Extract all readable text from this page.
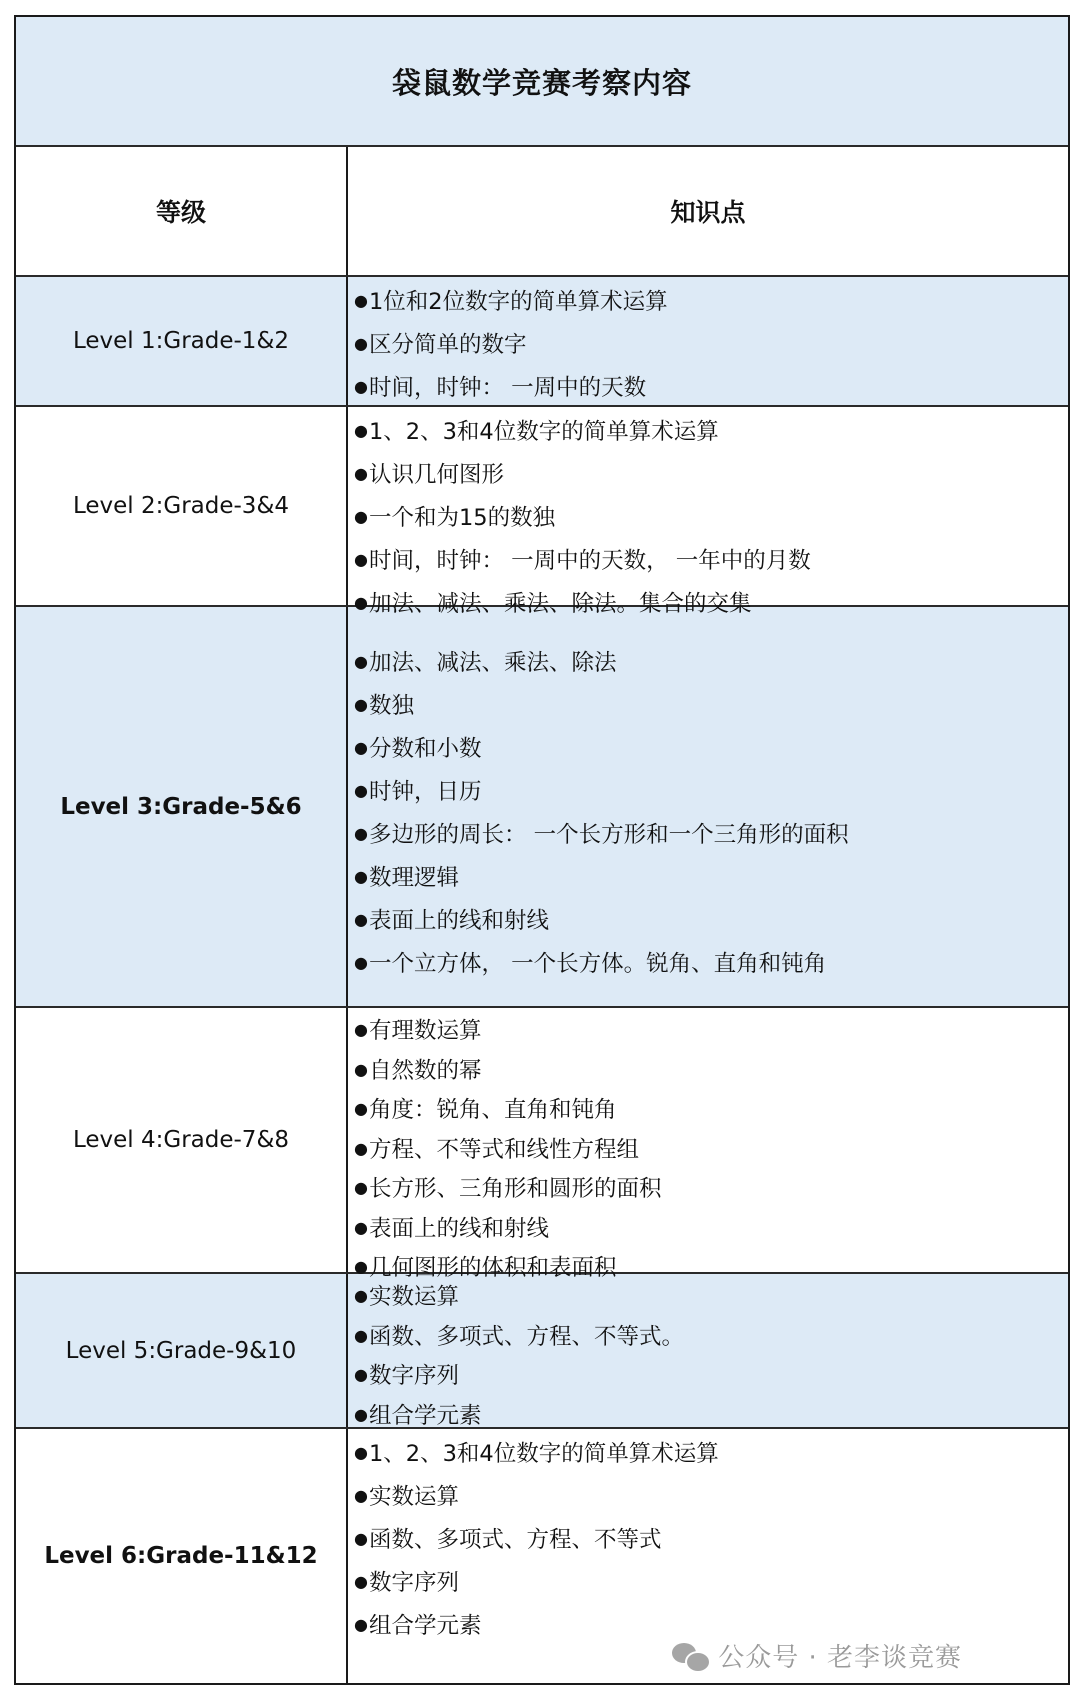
袋鼠数学竞赛考察内容
等级	知识点
Level 1:Grade-1&2
●1位和2位数字的简单算术运算
●区分简单的数字
●时间，时钟： 一周中的天数
Level 2:Grade-3&4
●1、2、3和4位数字的简单算术运算
●认识几何图形
●一个和为15的数独
●时间，时钟： 一周中的天数， 一年中的月数
●加法、减法、乘法、除法。集合的交集
Level 3:Grade-5&6
●加法、减法、乘法、除法
●数独
●分数和小数
●时钟，日历
●多边形的周长： 一个长方形和一个三角形的面积
●数理逻辑
●表面上的线和射线
●一个立方体， 一个长方体。锐角、直角和钝角
Level 4:Grade-7&8
●有理数运算
●自然数的幂
●角度：锐角、直角和钝角
●方程、不等式和线性方程组
●长方形、三角形和圆形的面积
●表面上的线和射线
●几何图形的体积和表面积
Level 5:Grade-9&10
●实数运算
●函数、多项式、方程、不等式。
●数字序列
●组合学元素
Level 6:Grade-11&12
●1、2、3和4位数字的简单算术运算
●实数运算
●函数、多项式、方程、不等式
●数字序列
●组合学元素
公众号 · 老李谈竞赛
